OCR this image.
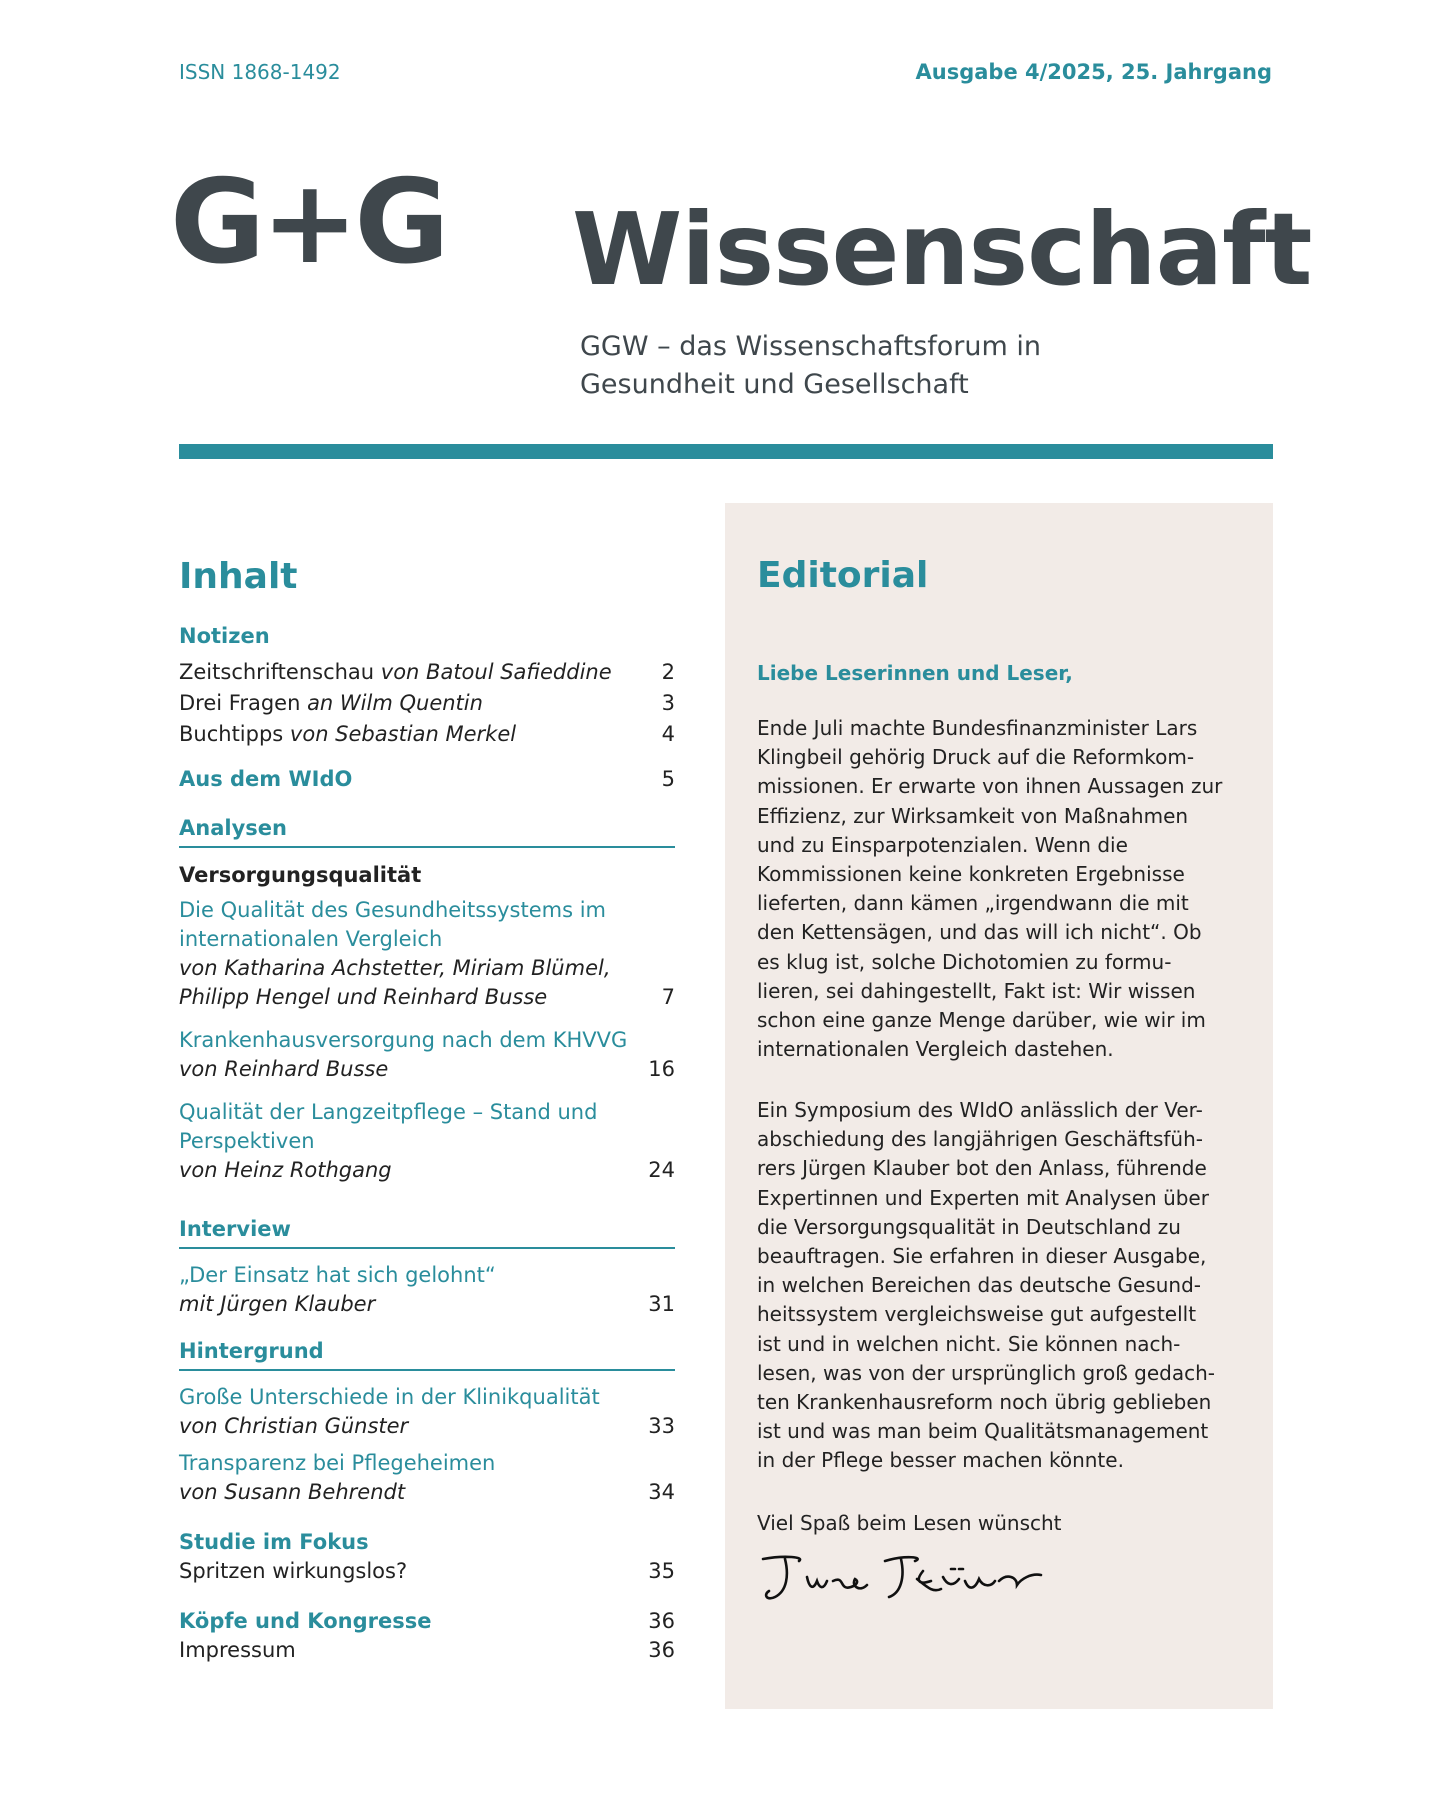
ISSN 1868-1492	Ausgabe 4/2025, 25. Jahrgang
G+G Wissenschaft
GGW – das Wissenschaftsforum in
Gesundheit und Gesellschaft
Inhalt
Notizen
Zeitschriftenschau von Batoul Safieddine	2
Drei Fragen an Wilm Quentin	3
Buchtipps von Sebastian Merkel	4
Aus dem WIdO	5
Analysen
Versorgungsqualität
Die Qualität des Gesundheitssystems im
internationalen Vergleich
von Katharina Achstetter, Miriam Blümel,
Philipp Hengel und Reinhard Busse	7
Krankenhausversorgung nach dem KHVVG
von Reinhard Busse	16
Qualität der Langzeitpflege – Stand und
Perspektiven
von Heinz Rothgang	24
Interview
„Der Einsatz hat sich gelohnt“
mit Jürgen Klauber	31
Hintergrund
Große Unterschiede in der Klinikqualität
von Christian Günster	33
Transparenz bei Pflegeheimen
von Susann Behrendt	34
Studie im Fokus
Spritzen wirkungslos?	35
Köpfe und Kongresse	36
Impressum	36
Editorial
Liebe Leserinnen und Leser,
Ende Juli machte Bundesfinanzminister Lars
Klingbeil gehörig Druck auf die Reformkom-
missionen. Er erwarte von ihnen Aussagen zur
Effizienz, zur Wirksamkeit von Maßnahmen
und zu Einsparpotenzialen. Wenn die
Kommissionen keine konkreten Ergebnisse
lieferten, dann kämen „irgendwann die mit
den Kettensägen, und das will ich nicht“. Ob
es klug ist, solche Dichotomien zu formu-
lieren, sei dahingestellt, Fakt ist: Wir wissen
schon eine ganze Menge darüber, wie wir im
internationalen Vergleich dastehen.
Ein Symposium des WIdO anlässlich der Ver-
abschiedung des langjährigen Geschäftsfüh-
rers Jürgen Klauber bot den Anlass, führende
Expertinnen und Experten mit Analysen über
die Versorgungsqualität in Deutschland zu
beauftragen. Sie erfahren in dieser Ausgabe,
in welchen Bereichen das deutsche Gesund-
heitssystem vergleichsweise gut aufgestellt
ist und in welchen nicht. Sie können nach-
lesen, was von der ursprünglich groß gedach-
ten Krankenhausreform noch übrig geblieben
ist und was man beim Qualitätsmanagement
in der Pflege besser machen könnte.
Viel Spaß beim Lesen wünscht
